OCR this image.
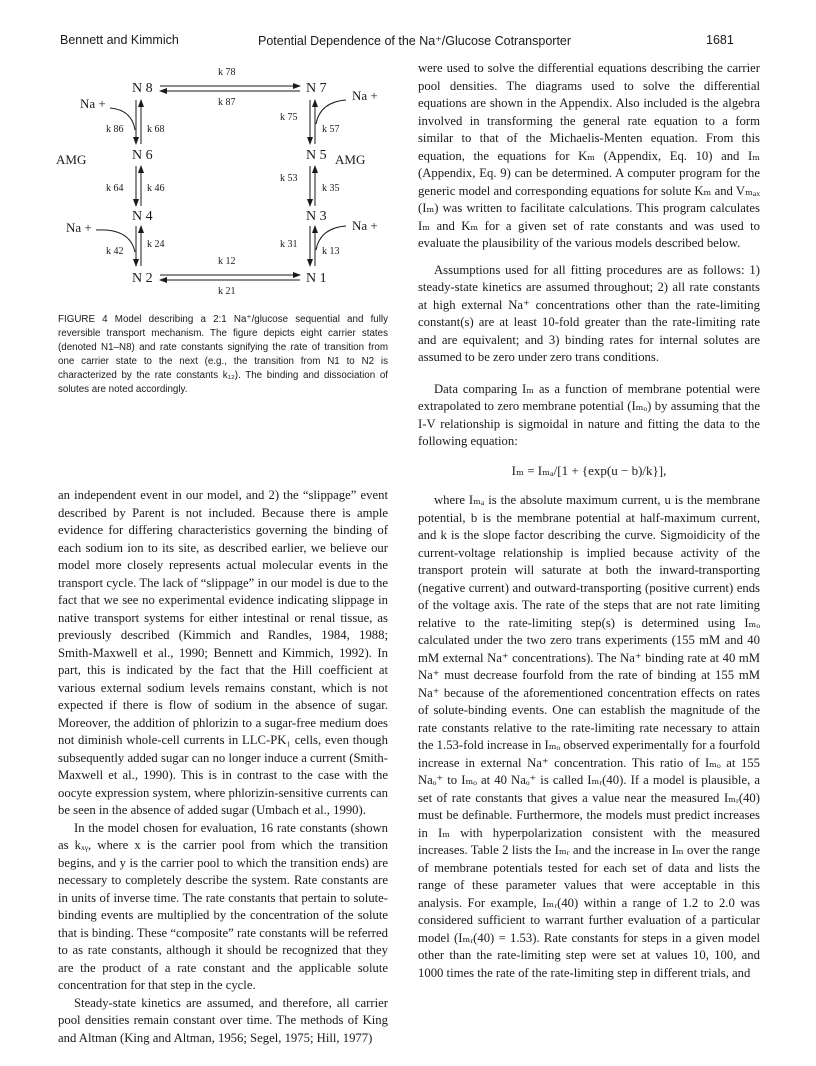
Bennett and Kimmich	Potential Dependence of the Na⁺/Glucose Cotransporter	1681
N 8	N 7
N 6	N 5
N 4	N 3
N 2	N 1
k 78
k 87
k 12
k 21
Na +
k 86 k 68
AMG
k 64 k 46
Na +
k 42
k 24
Na +
k 75
k 57
AMG
k 53
k 35
Na +
k 31
k 13
FIGURE 4 Model describing a 2:1 Na⁺/glucose sequential and fully reversible transport mechanism. The figure depicts eight carrier states (denoted N1–N8) and rate constants signifying the rate of transition from one carrier state to the next (e.g., the transition from N1 to N2 is characterized by the rate constants k₁₂). The binding and dissociation of solutes are noted accordingly.

an independent event in our model, and 2) the “slippage” event described by Parent is not included. Because there is ample evidence for differing characteristics governing the binding of each sodium ion to its site, as described earlier, we believe our model more closely represents actual molecular events in the transport cycle. The lack of “slippage” in our model is due to the fact that we see no experimental evidence indicating slippage in native transport systems for either intestinal or renal tissue, as previously described (Kimmich and Randles, 1984, 1988; Smith-Maxwell et al., 1990; Bennett and Kimmich, 1992). In part, this is indicated by the fact that the Hill coefficient at various external sodium levels remains constant, which is not expected if there is flow of sodium in the absence of sugar. Moreover, the addition of phlorizin to a sugar-free medium does not diminish whole-cell currents in LLC-PK₁ cells, even though subsequently added sugar can no longer induce a current (Smith-Maxwell et al., 1990). This is in contrast to the case with the oocyte expression system, where phlorizin-sensitive currents can be seen in the absence of added sugar (Umbach et al., 1990).

In the model chosen for evaluation, 16 rate constants (shown as kₓᵧ, where x is the carrier pool from which the transition begins, and y is the carrier pool to which the transition ends) are necessary to completely describe the system. Rate constants are in units of inverse time. The rate constants that pertain to solute-binding events are multiplied by the concentration of the solute that is binding. These “composite” rate constants will be referred to as rate constants, although it should be recognized that they are the product of a rate constant and the applicable solute concentration for that step in the cycle.

Steady-state kinetics are assumed, and therefore, all carrier pool densities remain constant over time. The methods of King and Altman (King and Altman, 1956; Segel, 1975; Hill, 1977)

were used to solve the differential equations describing the carrier pool densities. The diagrams used to solve the differential equations are shown in the Appendix. Also included is the algebra involved in transforming the general rate equation to a form similar to that of the Michaelis-Menten equation. From this equation, the equations for Kₘ (Appendix, Eq. 10) and Iₘ (Appendix, Eq. 9) can be determined. A computer program for the generic model and corresponding equations for solute Kₘ and Vₘₐₓ (Iₘ) was written to facilitate calculations. This program calculates Iₘ and Kₘ for a given set of rate constants and was used to evaluate the plausibility of the various models described below.

Assumptions used for all fitting procedures are as follows: 1) steady-state kinetics are assumed throughout; 2) all rate constants at high external Na⁺ concentrations other than the rate-limiting constant(s) are at least 10-fold greater than the rate-limiting rate and are equivalent; and 3) binding rates for internal solutes are assumed to be zero under zero trans conditions.

Data comparing Iₘ as a function of membrane potential were extrapolated to zero membrane potential (Iₘₒ) by assuming that the I-V relationship is sigmoidal in nature and fitting the data to the following equation:

Iₘ = Iₘₐ/[1 + {exp(u − b)/k}],

where Iₘₐ is the absolute maximum current, u is the membrane potential, b is the membrane potential at half-maximum current, and k is the slope factor describing the curve. Sigmoidicity of the current-voltage relationship is implied because activity of the transport protein will saturate at both the inward-transporting (negative current) and outward-transporting (positive current) ends of the voltage axis. The rate of the steps that are not rate limiting relative to the rate-limiting step(s) is determined using Iₘₒ calculated under the two zero trans experiments (155 mM and 40 mM external Na⁺ concentrations). The Na⁺ binding rate at 40 mM Na⁺ must decrease fourfold from the rate of binding at 155 mM Na⁺ because of the aforementioned concentration effects on rates of solute-binding events. One can establish the magnitude of the rate constants relative to the rate-limiting rate necessary to attain the 1.53-fold increase in Iₘₒ observed experimentally for a fourfold increase in external Na⁺ concentration. This ratio of Iₘₒ at 155 Naₒ⁺ to Iₘₒ at 40 Naₒ⁺ is called Iₘᵣ(40). If a model is plausible, a set of rate constants that gives a value near the measured Iₘᵣ(40) must be definable. Furthermore, the models must predict increases in Iₘ with hyperpolarization consistent with the measured increases. Table 2 lists the Iₘᵣ and the increase in Iₘ over the range of membrane potentials tested for each set of data and lists the range of these parameter values that were acceptable in this analysis. For example, Iₘᵣ(40) within a range of 1.2 to 2.0 was considered sufficient to warrant further evaluation of a particular model (Iₘᵣ(40) = 1.53). Rate constants for steps in a given model other than the rate-limiting step were set at values 10, 100, and 1000 times the rate of the rate-limiting step in different trials, and
